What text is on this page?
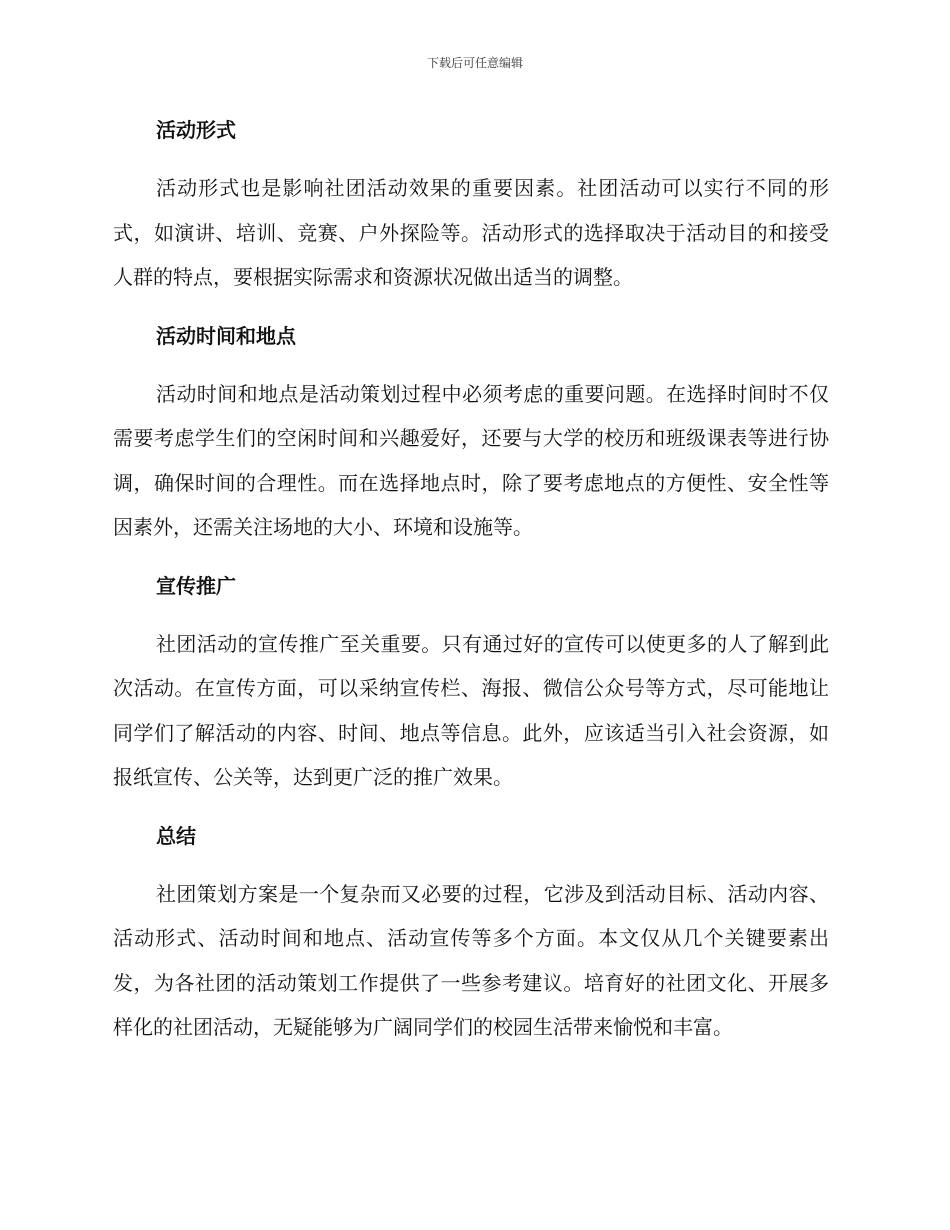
下载后可任意编辑
活动形式

活动形式也是影响社团活动效果的重要因素。社团活动可以实行不同的形式，如演讲、培训、竞赛、户外探险等。活动形式的选择取决于活动目的和接受人群的特点，要根据实际需求和资源状况做出适当的调整。

活动时间和地点

活动时间和地点是活动策划过程中必须考虑的重要问题。在选择时间时不仅需要考虑学生们的空闲时间和兴趣爱好，还要与大学的校历和班级课表等进行协调，确保时间的合理性。而在选择地点时，除了要考虑地点的方便性、安全性等因素外，还需关注场地的大小、环境和设施等。

宣传推广

社团活动的宣传推广至关重要。只有通过好的宣传可以使更多的人了解到此次活动。在宣传方面，可以采纳宣传栏、海报、微信公众号等方式，尽可能地让同学们了解活动的内容、时间、地点等信息。此外，应该适当引入社会资源，如报纸宣传、公关等，达到更广泛的推广效果。

总结

社团策划方案是一个复杂而又必要的过程，它涉及到活动目标、活动内容、活动形式、活动时间和地点、活动宣传等多个方面。本文仅从几个关键要素出发，为各社团的活动策划工作提供了一些参考建议。培育好的社团文化、开展多样化的社团活动，无疑能够为广阔同学们的校园生活带来愉悦和丰富。
